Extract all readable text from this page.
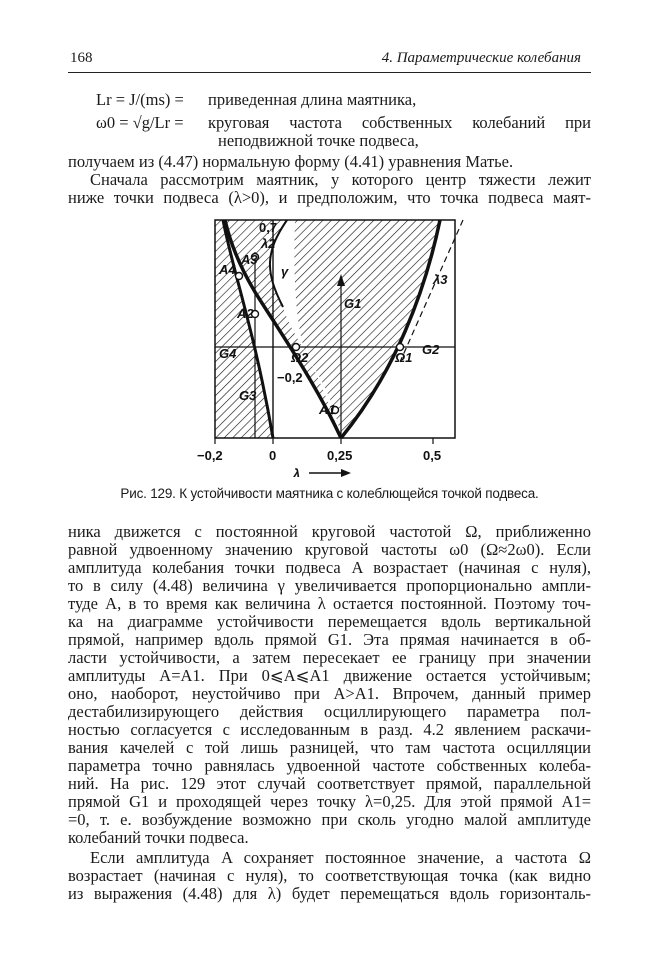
168	4. Параметрические колебания
Lr = J/(ms) = приведенная длина маятника,
ω0 = √g/Lr = круговая частота собственных колебаний при
неподвижной точке подвеса,
получаем из (4.47) нормальную форму (4.41) уравнения Матье.
Сначала рассмотрим маятник, у которого центр тяжести лежит
ниже точки подвеса (λ>0), и предположим, что точка подвеса маят-
0,7
−0,2
−0,2	0	0,25	0,5
λ
λ3
λ2
γ
A1
A2
A3
A4
G1
G2
G3
G4	Ω1
Ω2
Рис. 129. К устойчивости маятника с колеблющейся точкой подвеса.
ника движется с постоянной круговой частотой Ω, приближенно
равной удвоенному значению круговой частоты ω0 (Ω≈2ω0). Если
амплитуда колебания точки подвеса A возрастает (начиная с нуля),
то в силу (4.48) величина γ увеличивается пропорционально ампли-
туде A, в то время как величина λ остается постоянной. Поэтому точ-
ка на диаграмме устойчивости перемещается вдоль вертикальной
прямой, например вдоль прямой G1. Эта прямая начинается в об-
ласти устойчивости, а затем пересекает ее границу при значении
амплитуды A=A1. При 0⩽A⩽A1 движение остается устойчивым;
оно, наоборот, неустойчиво при A>A1. Впрочем, данный пример
дестабилизирующего действия осциллирующего параметра пол-
ностью согласуется с исследованным в разд. 4.2 явлением раскачи-
вания качелей с той лишь разницей, что там частота осцилляции
параметра точно равнялась удвоенной частоте собственных колеба-
ний. На рис. 129 этот случай соответствует прямой, параллельной
прямой G1 и проходящей через точку λ=0,25. Для этой прямой A1=
=0, т. е. возбуждение возможно при сколь угодно малой амплитуде
колебаний точки подвеса.
Если амплитуда A сохраняет постоянное значение, а частота Ω
возрастает (начиная с нуля), то соответствующая точка (как видно
из выражения (4.48) для λ) будет перемещаться вдоль горизонталь-
